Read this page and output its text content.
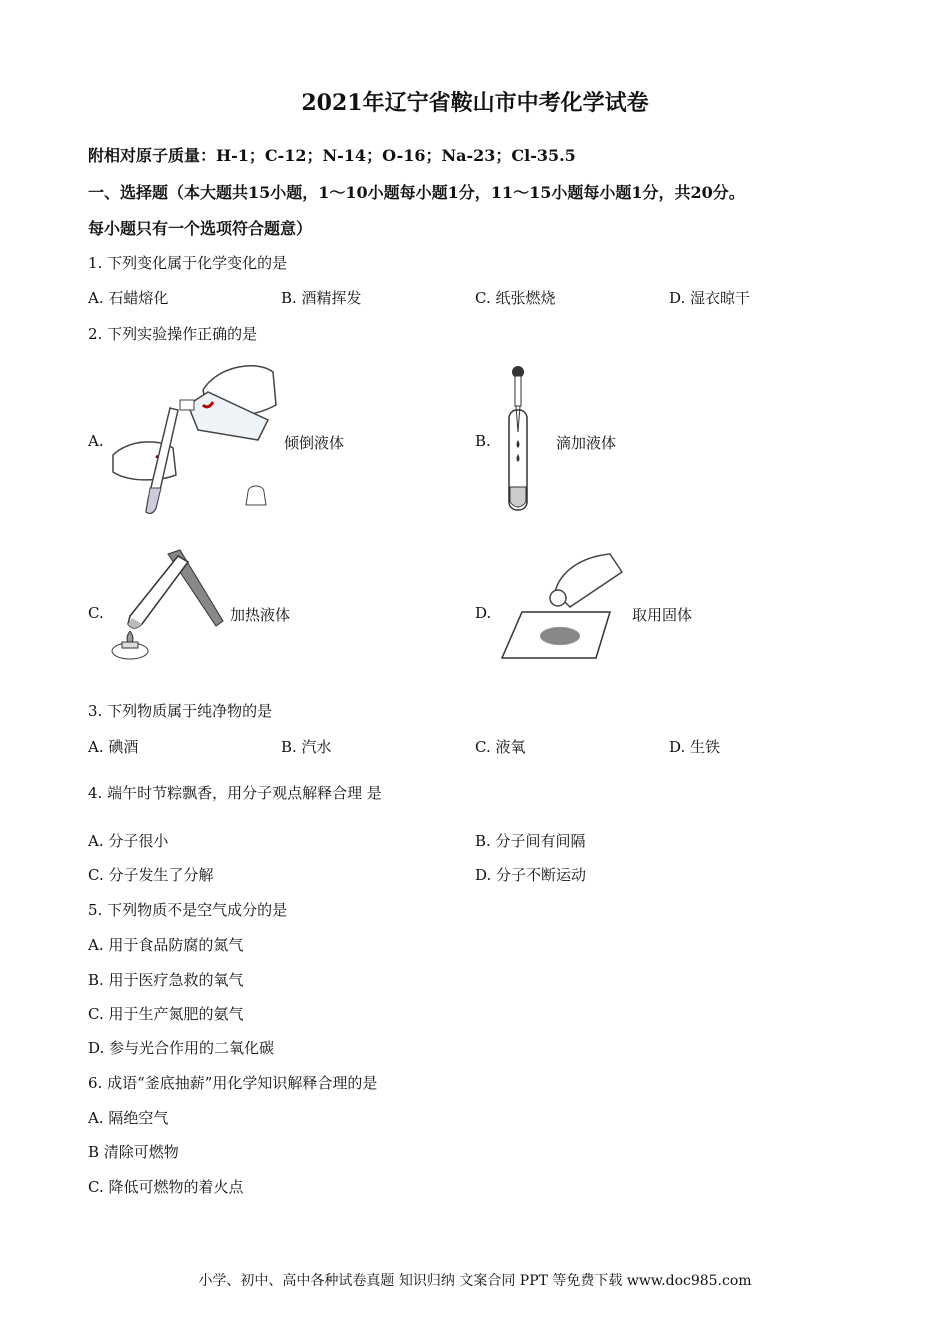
2021年辽宁省鞍山市中考化学试卷
附相对原子质量：H-1；C-12；N-14；O-16；Na-23；Cl-35.5
一、选择题（本大题共15小题，1～10小题每小题1分，11～15小题每小题1分，共20分。
每小题只有一个选项符合题意）
1. 下列变化属于化学变化的是
A. 石蜡熔化	B. 酒精挥发	C. 纸张燃烧	D. 湿衣晾干
2. 下列实验操作正确的是
A.	倾倒液体	B.	滴加液体
C.	加热液体	D.	取用固体
3. 下列物质属于纯净物的是
A. 碘酒	B. 汽水	C. 液氧	D. 生铁
4. 端午时节粽飘香，用分子观点解释合理 是
A. 分子很小	B. 分子间有间隔
C. 分子发生了分解	D. 分子不断运动
5. 下列物质不是空气成分的是
A. 用于食品防腐的氮气
B. 用于医疗急救的氧气
C. 用于生产氮肥的氨气
D. 参与光合作用的二氧化碳
6. 成语“釜底抽薪”用化学知识解释合理的是
A. 隔绝空气
B 清除可燃物
C. 降低可燃物的着火点
小学、初中、高中各种试卷真题 知识归纳 文案合同 PPT 等免费下载 www.doc985.com
